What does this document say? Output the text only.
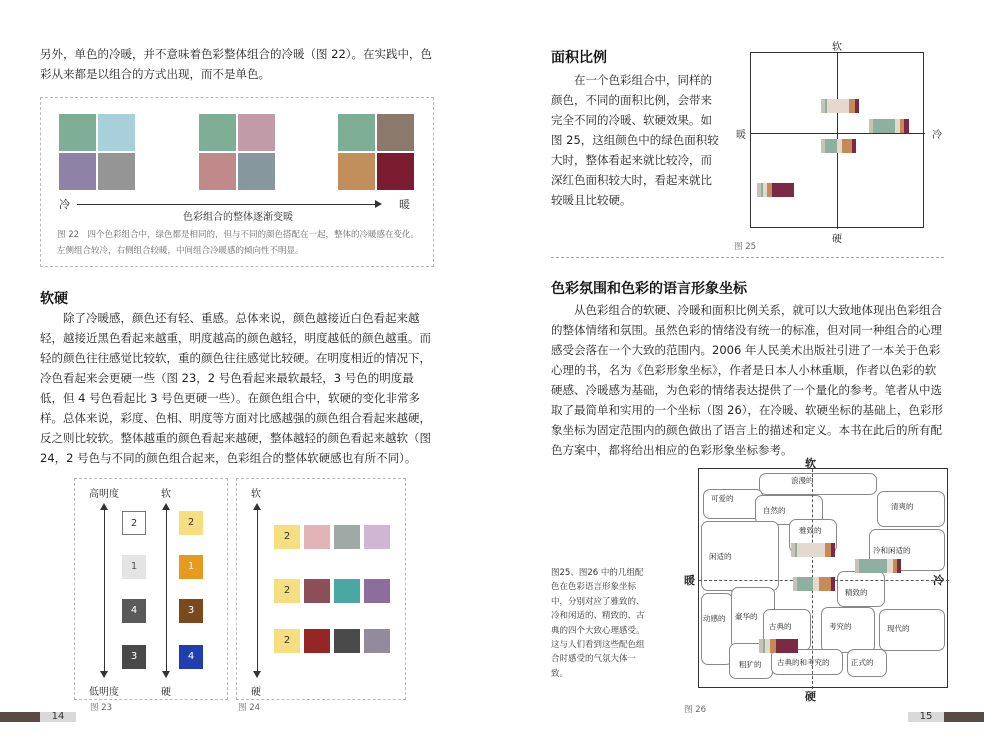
另外，单色的冷暖，并不意味着色彩整体组合的冷暖（图 22）。在实践中，色彩从来都是以组合的方式出现，而不是单色。
冷	暖
色彩组合的整体逐渐变暖
图 22　四个色彩组合中，绿色都是相同的，但与不同的颜色搭配在一起，整体的冷暖感在变化。
左侧组合较冷，右侧组合较暖，中间组合冷暖感的倾向性不明显。
软硬
除了冷暖感，颜色还有轻、重感。总体来说，颜色越接近白色看起来越轻，越接近黑色看起来越重，明度越高的颜色越轻，明度越低的颜色越重。而轻的颜色往往感觉比较软，重的颜色往往感觉比较硬。在明度相近的情况下，冷色看起来会更硬一些（图 23，2 号色看起来最软最轻，3 号色的明度最低，但 4 号色看起比 3 号色更硬一些）。在颜色组合中，软硬的变化非常多样。总体来说，彩度、色相、明度等方面对比感越强的颜色组合看起来越硬，反之则比较软。整体越重的颜色看起来越硬，整体越轻的颜色看起来越软（图 24，2 号色与不同的颜色组合起来，色彩组合的整体软硬感也有所不同）。
高明度	软
2
1
4
3
2
1
3
4
低明度	硬
图 23
软
2
2
2
硬
图 24
14
面积比例
在一个色彩组合中，同样的颜色，不同的面积比例，会带来完全不同的冷暖、软硬效果。如图 25，这组颜色中的绿色面积较大时，整体看起来就比较冷，而深红色面积较大时，看起来就比较暖且比较硬。
软
硬
暖	冷
图 25
色彩氛围和色彩的语言形象坐标
从色彩组合的软硬、冷暖和面积比例关系，就可以大致地体现出色彩组合的整体情绪和氛围。虽然色彩的情绪没有统一的标准，但对同一种组合的心理感受会落在一个大致的范围内。2006 年人民美术出版社引进了一本关于色彩心理的书，名为《色彩形象坐标》，作者是日本人小林重顺，作者以色彩的软硬感、冷暖感为基础，为色彩的情绪表达提供了一个量化的参考。笔者从中选取了最简单和实用的一个坐标（图 26），在冷暖、软硬坐标的基础上，色彩形象坐标为固定范围内的颜色做出了语言上的描述和定义。本书在此后的所有配色方案中，都将给出相应的色彩形象坐标参考。
图25、图26 中的几组配色在色彩语言形象坐标中，分别对应了雅致的、冷和闲适的、精致的、古典的四个大致心理感受。这与人们看到这些配色组合时感受的气氛大体一致。
浪漫的
可爱的
自然的	清爽的
雅致的
闲适的
冷和闲适的
精致的
动感的 豪华的
古典的	考究的	现代的
粗犷的 古典的和考究的	正式的
软
硬
暖	冷
图 26
15
